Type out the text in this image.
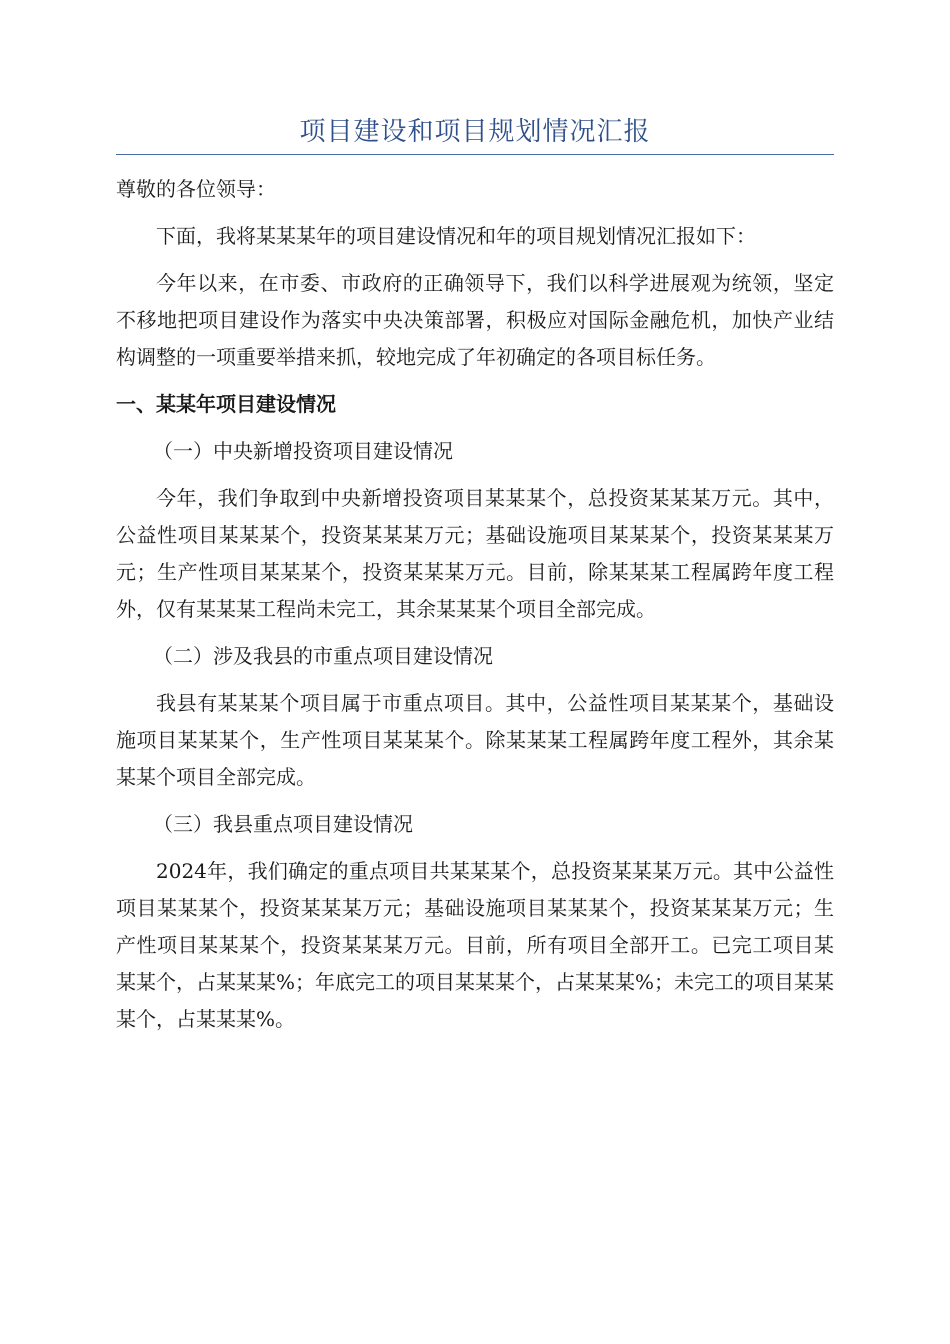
项目建设和项目规划情况汇报

尊敬的各位领导：

下面，我将某某某年的项目建设情况和年的项目规划情况汇报如下：

今年以来，在市委、市政府的正确领导下，我们以科学进展观为统领，坚定不移地把项目建设作为落实中央决策部署，积极应对国际金融危机，加快产业结构调整的一项重要举措来抓，较地完成了年初确定的各项目标任务。

一、某某年项目建设情况

（一）中央新增投资项目建设情况

今年，我们争取到中央新增投资项目某某某个，总投资某某某万元。其中，公益性项目某某某个，投资某某某万元；基础设施项目某某某个，投资某某某万元；生产性项目某某某个，投资某某某万元。目前，除某某某工程属跨年度工程外，仅有某某某工程尚未完工，其余某某某个项目全部完成。

（二）涉及我县的市重点项目建设情况

我县有某某某个项目属于市重点项目。其中，公益性项目某某某个，基础设施项目某某某个，生产性项目某某某个。除某某某工程属跨年度工程外，其余某某某个项目全部完成。

（三）我县重点项目建设情况

2024年，我们确定的重点项目共某某某个，总投资某某某万元。其中公益性项目某某某个，投资某某某万元；基础设施项目某某某个，投资某某某万元；生产性项目某某某个，投资某某某万元。目前，所有项目全部开工。已完工项目某某某个，占某某某%；年底完工的项目某某某个，占某某某%；未完工的项目某某某个，占某某某%。
